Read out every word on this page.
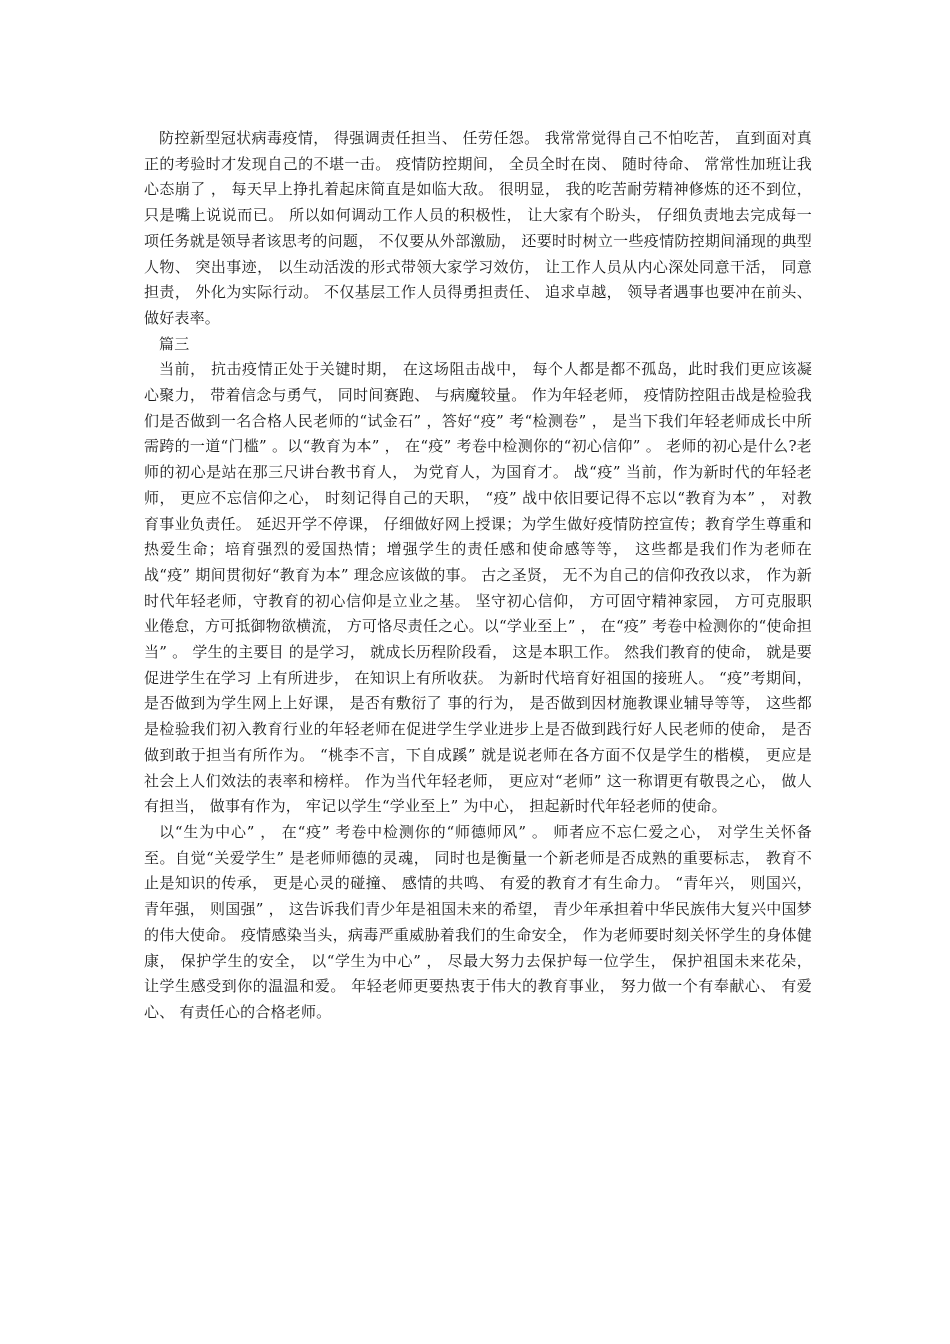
防控新型冠状病毒疫情， 得强调责任担当、 任劳任怨。 我常常觉得自己不怕吃苦， 直到面对真正的考验时才发现自己的不堪一击。 疫情防控期间， 全员全时在岗、 随时待命、 常常性加班让我心态崩了 ， 每天早上挣扎着起床简直是如临大敌。 很明显， 我的吃苦耐劳精神修炼的还不到位， 只是嘴上说说而已。 所以如何调动工作人员的积极性， 让大家有个盼头， 仔细负责地去完成每一项任务就是领导者该思考的问题， 不仅要从外部激励， 还要时时树立一些疫情防控期间涌现的典型人物、 突出事迹， 以生动活泼的形式带领大家学习效仿， 让工作人员从内心深处同意干活， 同意担责， 外化为实际行动。 不仅基层工作人员得勇担责任、 追求卓越， 领导者遇事也要冲在前头、 做好表率。

篇三

当前， 抗击疫情正处于关键时期， 在这场阻击战中， 每个人都是都不孤岛，此时我们更应该凝心聚力， 带着信念与勇气， 同时间赛跑、 与病魔较量。 作为年轻老师， 疫情防控阻击战是检验我们是否做到一名合格人民老师的“试金石” ，答好“疫” 考“检测卷” ， 是当下我们年轻老师成长中所需跨的一道“门槛” 。以“教育为本” ， 在“疫” 考卷中检测你的“初心信仰” 。 老师的初心是什么?老师的初心是站在那三尺讲台教书育人， 为党育人，为国育才。 战“疫” 当前，作为新时代的年轻老师， 更应不忘信仰之心， 时刻记得自己的天职， “疫” 战中依旧要记得不忘以“教育为本” ， 对教育事业负责任。 延迟开学不停课， 仔细做好网上授课；为学生做好疫情防控宣传；教育学生尊重和热爱生命；培育强烈的爱国热情；增强学生的责任感和使命感等等， 这些都是我们作为老师在战“疫” 期间贯彻好“教育为本” 理念应该做的事。 古之圣贤， 无不为自己的信仰孜孜以求， 作为新时代年轻老师，守教育的初心信仰是立业之基。 坚守初心信仰， 方可固守精神家园， 方可克服职业倦怠，方可抵御物欲横流， 方可恪尽责任之心。以“学业至上” ， 在“疫” 考卷中检测你的“使命担当” 。 学生的主要目 的是学习， 就成长历程阶段看， 这是本职工作。 然我们教育的使命， 就是要促进学生在学习 上有所进步， 在知识上有所收获。 为新时代培育好祖国的接班人。 “疫”考期间， 是否做到为学生网上上好课， 是否有敷衍了 事的行为， 是否做到因材施教课业辅导等等， 这些都是检验我们初入教育行业的年轻老师在促进学生学业进步上是否做到践行好人民老师的使命， 是否做到敢于担当有所作为。 “桃李不言，下自成蹊” 就是说老师在各方面不仅是学生的楷模， 更应是社会上人们效法的表率和榜样。 作为当代年轻老师， 更应对“老师” 这一称谓更有敬畏之心， 做人有担当， 做事有作为， 牢记以学生“学业至上” 为中心， 担起新时代年轻老师的使命。

以“生为中心” ， 在“疫” 考卷中检测你的“师德师风” 。 师者应不忘仁爱之心， 对学生关怀备至。自觉“关爱学生” 是老师师德的灵魂， 同时也是衡量一个新老师是否成熟的重要标志， 教育不止是知识的传承， 更是心灵的碰撞、 感情的共鸣、 有爱的教育才有生命力。 “青年兴， 则国兴， 青年强， 则国强” ， 这告诉我们青少年是祖国未来的希望， 青少年承担着中华民族伟大复兴中国梦的伟大使命。 疫情感染当头，病毒严重威胁着我们的生命安全， 作为老师要时刻关怀学生的身体健康， 保护学生的安全， 以“学生为中心” ， 尽最大努力去保护每一位学生， 保护祖国未来花朵， 让学生感受到你的温温和爱。 年轻老师更要热衷于伟大的教育事业， 努力做一个有奉献心、 有爱心、 有责任心的合格老师。
